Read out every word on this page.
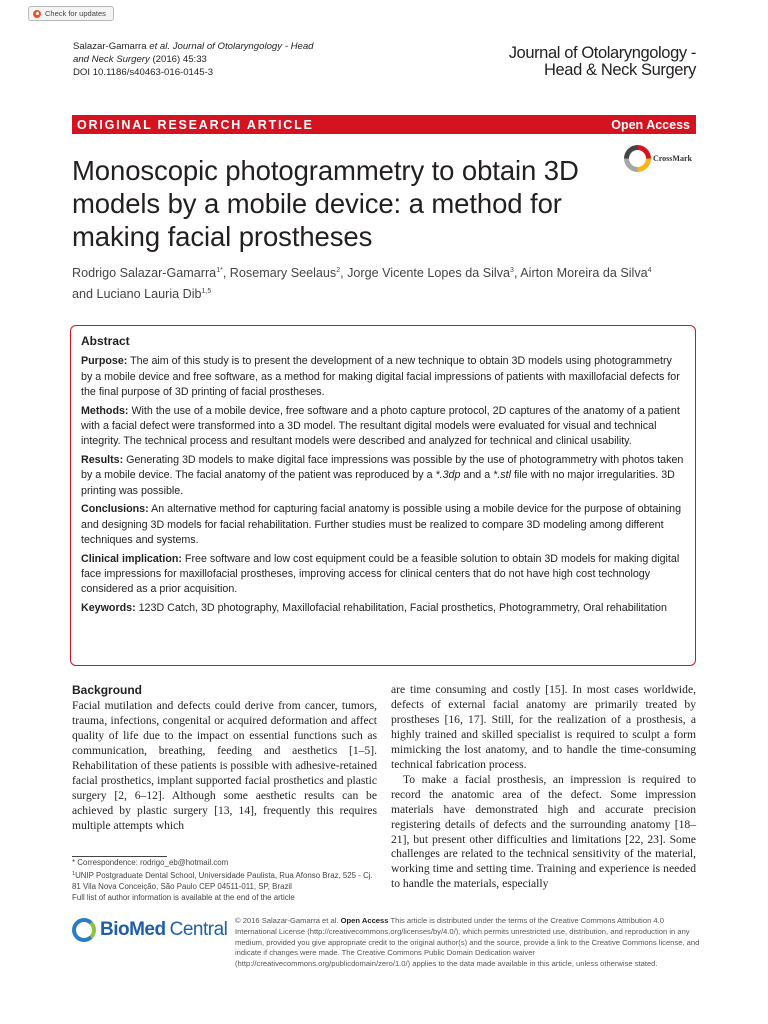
Check for updates
Salazar-Gamarra et al. Journal of Otolaryngology - Head
and Neck Surgery (2016) 45:33
DOI 10.1186/s40463-016-0145-3
Journal of Otolaryngology -
Head & Neck Surgery
ORIGINAL RESEARCH ARTICLE	Open Access
Monoscopic photogrammetry to obtain 3D
models by a mobile device: a method for
making facial prostheses
CrossMark
Rodrigo Salazar-Gamarra$^{1*}$, Rosemary Seelaus$^2$, Jorge Vicente Lopes da Silva$^3$, Airton Moreira da Silva$^4$
and Luciano Lauria Dib$^{1,5}$
Abstract

Purpose: The aim of this study is to present the development of a new technique to obtain 3D models using photogrammetry by a mobile device and free software, as a method for making digital facial impressions of patients with maxillofacial defects for the final purpose of 3D printing of facial prostheses.

Methods: With the use of a mobile device, free software and a photo capture protocol, 2D captures of the anatomy of a patient with a facial defect were transformed into a 3D model. The resultant digital models were evaluated for visual and technical integrity. The technical process and resultant models were described and analyzed for technical and clinical usability.

Results: Generating 3D models to make digital face impressions was possible by the use of photogrammetry with photos taken by a mobile device. The facial anatomy of the patient was reproduced by a *.3dp and a *.stl file with no major irregularities. 3D printing was possible.

Conclusions: An alternative method for capturing facial anatomy is possible using a mobile device for the purpose of obtaining and designing 3D models for facial rehabilitation. Further studies must be realized to compare 3D modeling among different techniques and systems.

Clinical implication: Free software and low cost equipment could be a feasible solution to obtain 3D models for making digital face impressions for maxillofacial prostheses, improving access for clinical centers that do not have high cost technology considered as a prior acquisition.

Keywords: 123D Catch, 3D photography, Maxillofacial rehabilitation, Facial prosthetics, Photogrammetry, Oral rehabilitation

Background

Facial mutilation and defects could derive from cancer, tumors, trauma, infections, congenital or acquired deformation and affect quality of life due to the impact on essential functions such as communication, breathing, feeding and aesthetics [1–5]. Rehabilitation of these patients is possible with adhesive-retained facial prosthetics, implant supported facial prosthetics and plastic surgery [2, 6–12]. Although some aesthetic results can be achieved by plastic surgery [13, 14], frequently this requires multiple attempts which

are time consuming and costly [15]. In most cases worldwide, defects of external facial anatomy are primarily treated by prostheses [16, 17]. Still, for the realization of a prosthesis, a highly trained and skilled specialist is required to sculpt a form mimicking the lost anatomy, and to handle the time-consuming technical fabrication process.

To make a facial prosthesis, an impression is required to record the anatomic area of the defect. Some impression materials have demonstrated high and accurate precision registering details of defects and the surrounding anatomy [18–21], but present other difficulties and limitations [22, 23]. Some challenges are related to the technical sensitivity of the material, working time and setting time. Training and experience is needed to handle the materials, especially

* Correspondence: rodrigo_eb@hotmail.com
$^1$UNIP Postgraduate Dental School, Universidade Paulista, Rua Afonso Braz, 525 - Cj. 81 Vila Nova Conceição, São Paulo CEP 04511-011, SP, Brazil
Full list of author information is available at the end of the article
BioMed Central © 2016 Salazar-Gamarra et al. Open Access This article is distributed under the terms of the Creative Commons Attribution 4.0 International License (http://creativecommons.org/licenses/by/4.0/), which permits unrestricted use, distribution, and reproduction in any medium, provided you give appropriate credit to the original author(s) and the source, provide a link to the Creative Commons license, and indicate if changes were made. The Creative Commons Public Domain Dedication waiver (http://creativecommons.org/publicdomain/zero/1.0/) applies to the data made available in this article, unless otherwise stated.
